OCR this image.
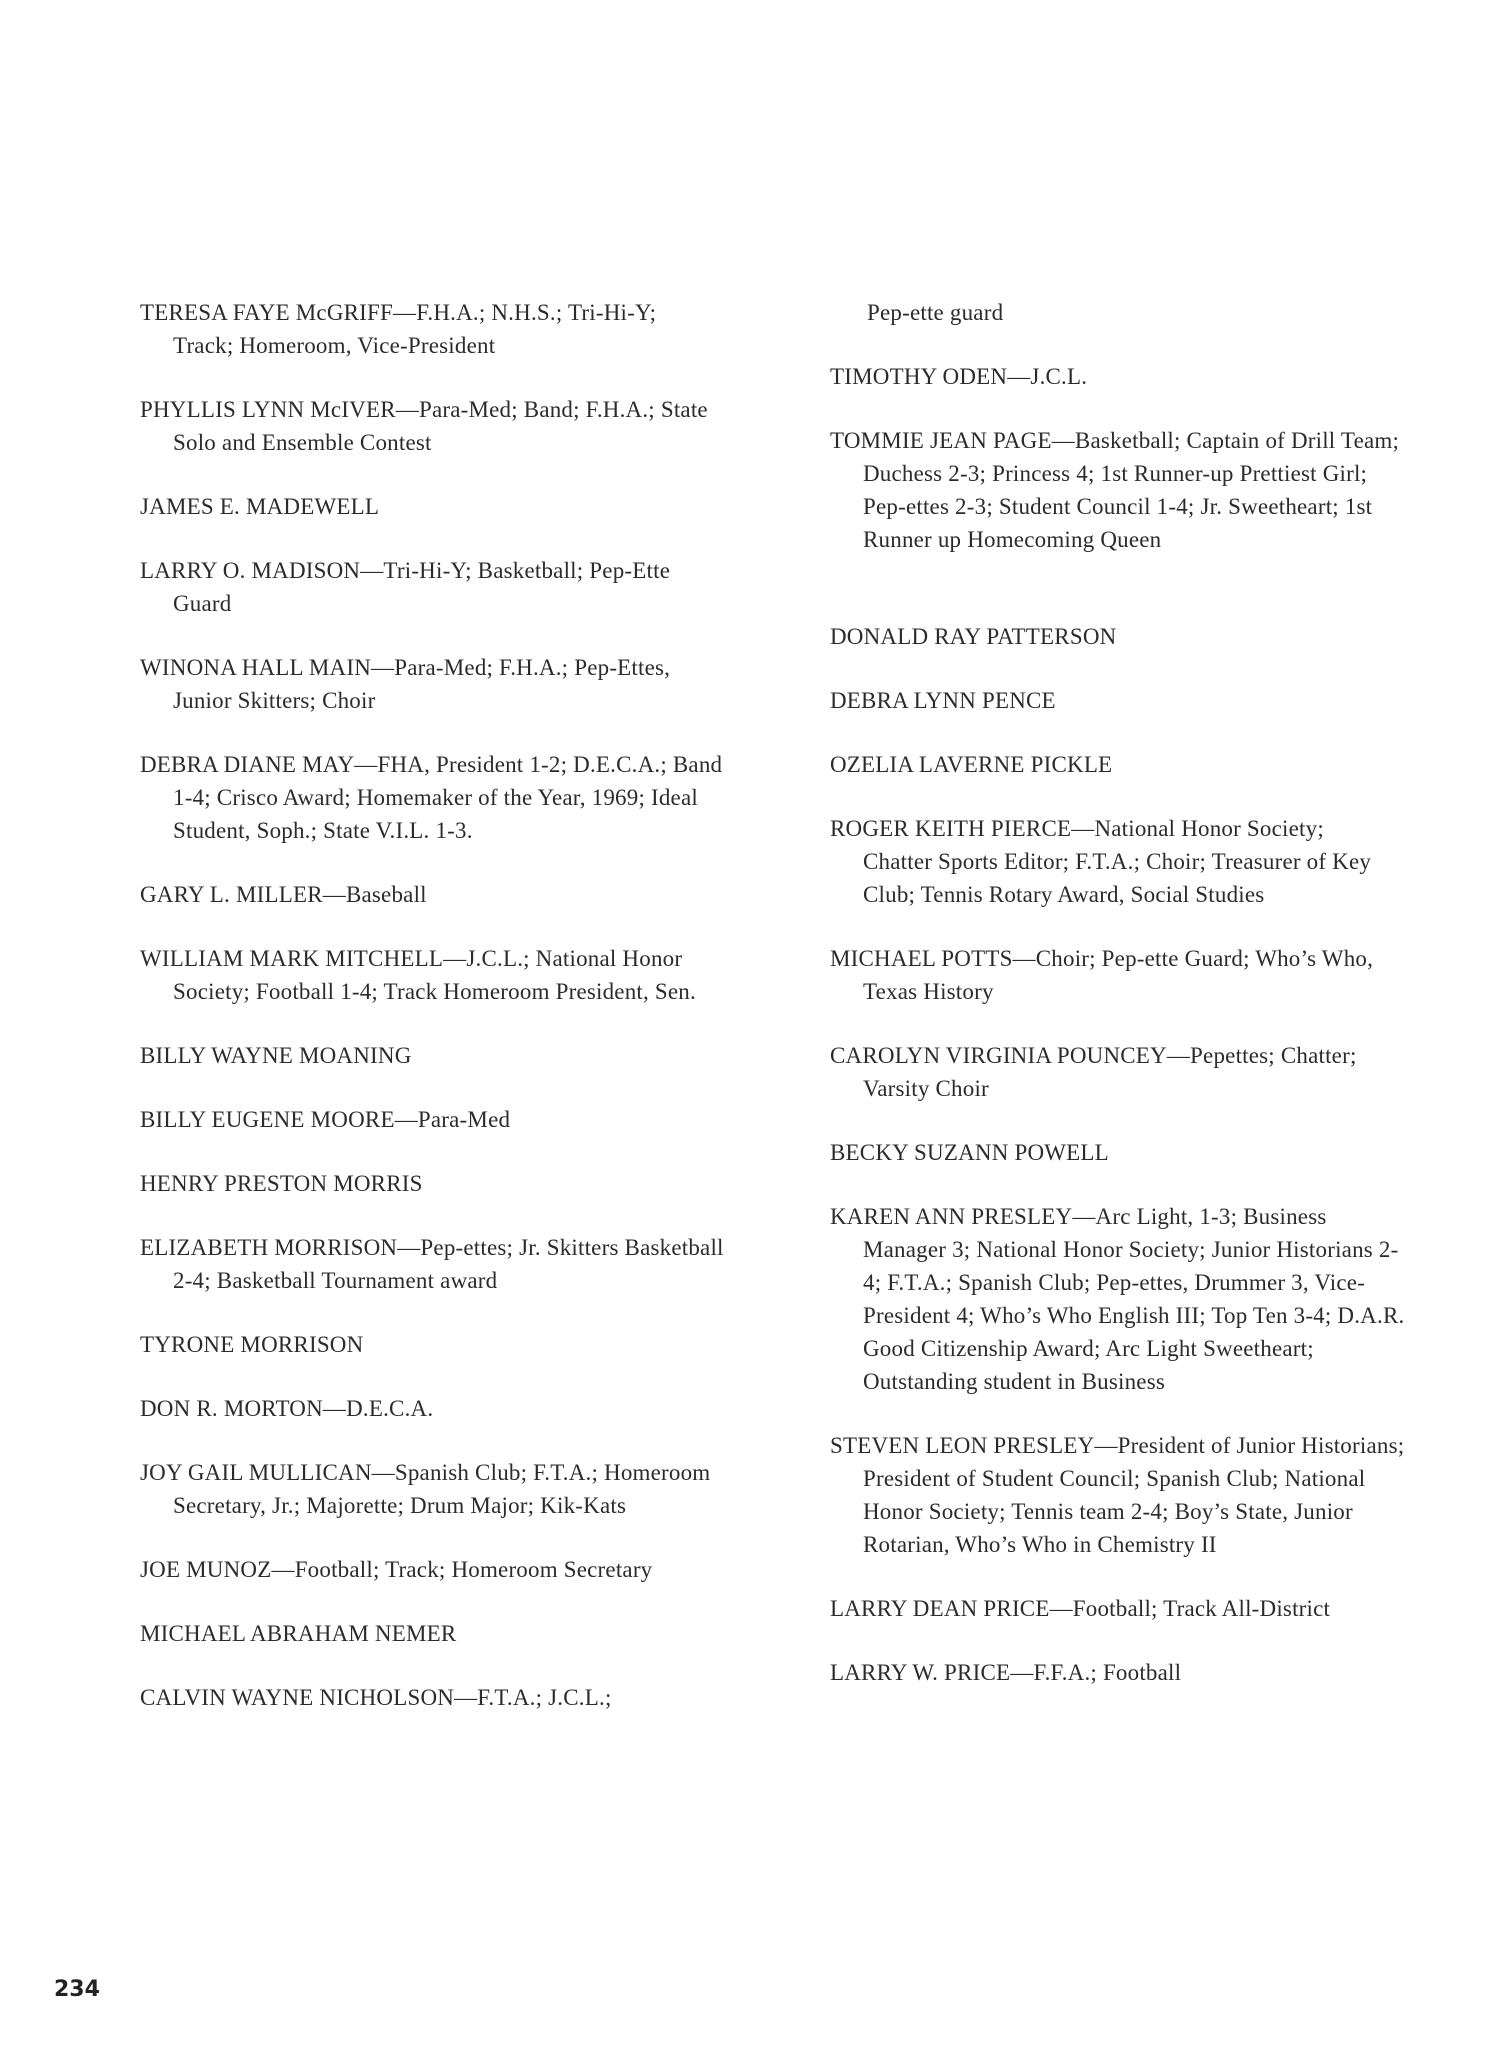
TERESA FAYE McGRIFF—F.H.A.; N.H.S.; Tri-Hi-Y; Track; Homeroom, Vice-President

PHYLLIS LYNN McIVER—Para-Med; Band; F.H.A.; State Solo and Ensemble Contest

JAMES E. MADEWELL

LARRY O. MADISON—Tri-Hi-Y; Basketball; Pep-Ette Guard

WINONA HALL MAIN—Para-Med; F.H.A.; Pep-Ettes, Junior Skitters; Choir

DEBRA DIANE MAY—FHA, President 1-2; D.E.C.A.; Band 1-4; Crisco Award; Homemaker of the Year, 1969; Ideal Student, Soph.; State V.I.L. 1-3.

GARY L. MILLER—Baseball

WILLIAM MARK MITCHELL—J.C.L.; National Honor Society; Football 1-4; Track Homeroom President, Sen.

BILLY WAYNE MOANING

BILLY EUGENE MOORE—Para-Med

HENRY PRESTON MORRIS

ELIZABETH MORRISON—Pep-ettes; Jr. Skitters Basketball 2-4; Basketball Tournament award

TYRONE MORRISON

DON R. MORTON—D.E.C.A.

JOY GAIL MULLICAN—Spanish Club; F.T.A.; Homeroom Secretary, Jr.; Majorette; Drum Major; Kik-Kats

JOE MUNOZ—Football; Track; Homeroom Secretary

MICHAEL ABRAHAM NEMER

CALVIN WAYNE NICHOLSON—F.T.A.; J.C.L.;

Pep-ette guard

TIMOTHY ODEN—J.C.L.

TOMMIE JEAN PAGE—Basketball; Captain of Drill Team; Duchess 2-3; Princess 4; 1st Runner-up Prettiest Girl; Pep-ettes 2-3; Student Council 1-4; Jr. Sweetheart; 1st Runner up Homecoming Queen

DONALD RAY PATTERSON

DEBRA LYNN PENCE

OZELIA LAVERNE PICKLE

ROGER KEITH PIERCE—National Honor Society; Chatter Sports Editor; F.T.A.; Choir; Treasurer of Key Club; Tennis Rotary Award, Social Studies

MICHAEL POTTS—Choir; Pep-ette Guard; Who’s Who, Texas History

CAROLYN VIRGINIA POUNCEY—Pepettes; Chatter; Varsity Choir

BECKY SUZANN POWELL

KAREN ANN PRESLEY—Arc Light, 1-3; Business Manager 3; National Honor Society; Junior Historians 2-4; F.T.A.; Spanish Club; Pep-ettes, Drummer 3, Vice-President 4; Who’s Who English III; Top Ten 3-4; D.A.R. Good Citizenship Award; Arc Light Sweetheart; Outstanding student in Business

STEVEN LEON PRESLEY—President of Junior Historians; President of Student Council; Spanish Club; National Honor Society; Tennis team 2-4; Boy’s State, Junior Rotarian, Who’s Who in Chemistry II

LARRY DEAN PRICE—Football; Track All-District

LARRY W. PRICE—F.F.A.; Football

234
